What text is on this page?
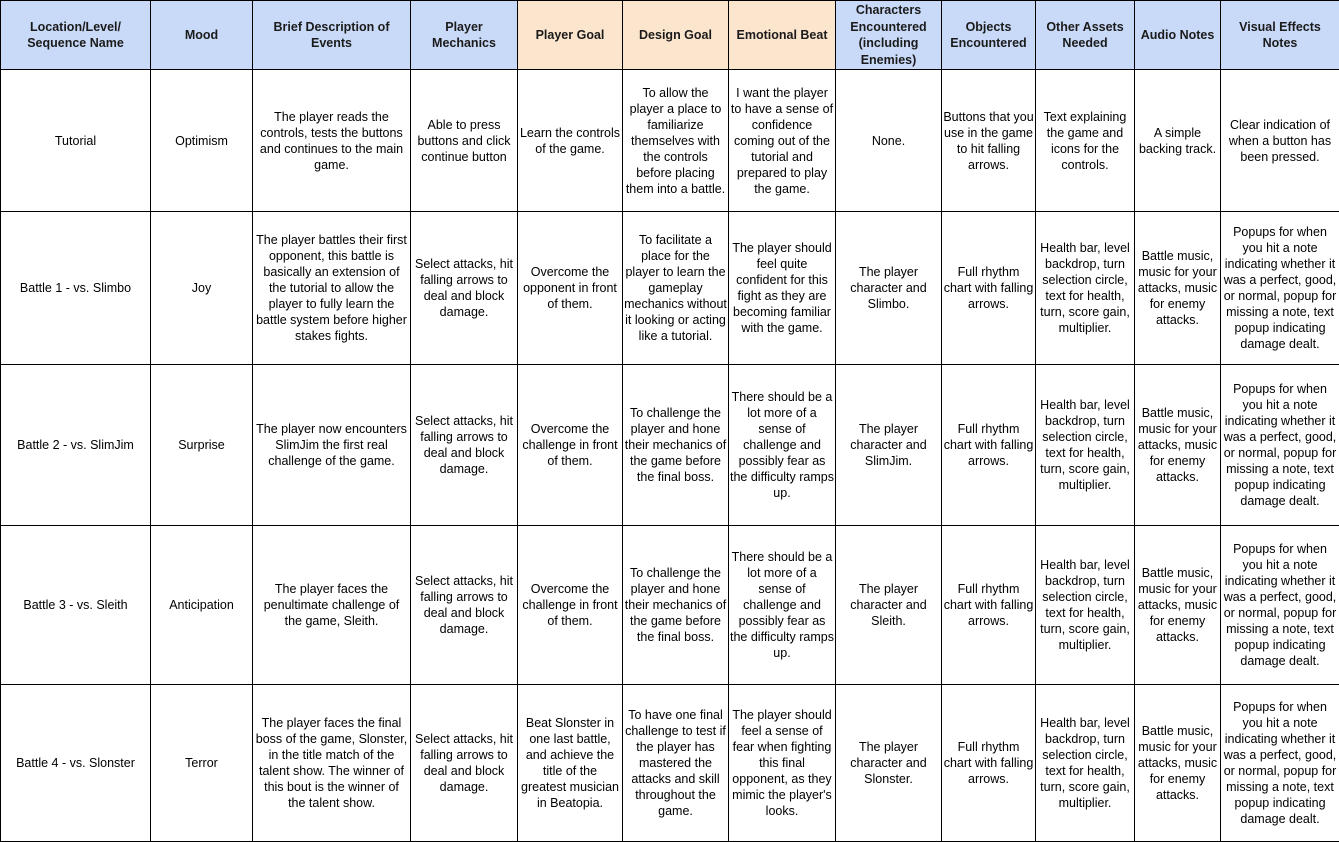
Location/Level/ Sequence Name	Mood	Brief Description of Events	Player Mechanics	Player Goal	Design Goal	Emotional Beat	Characters Encountered (including Enemies)	Objects Encountered	Other Assets Needed	Audio Notes	Visual Effects Notes
Tutorial	Optimism	The player reads the controls, tests the buttons and continues to the main game.	Able to press buttons and click continue button	Learn the controls of the game.	To allow the player a place to familiarize themselves with the controls before placing them into a battle.	I want the player to have a sense of confidence coming out of the tutorial and prepared to play the game.	None.	Buttons that you use in the game to hit falling arrows.	Text explaining the game and icons for the controls.	A simple backing track.	Clear indication of when a button has been pressed.
Battle 1 - vs. Slimbo	Joy	The player battles their first opponent, this battle is basically an extension of the tutorial to allow the player to fully learn the battle system before higher stakes fights.	Select attacks, hit falling arrows to deal and block damage.	Overcome the opponent in front of them.	To facilitate a place for the player to learn the gameplay mechanics without it looking or acting like a tutorial.	The player should feel quite confident for this fight as they are becoming familiar with the game.	The player character and Slimbo.	Full rhythm chart with falling arrows.	Health bar, level backdrop, turn selection circle, text for health, turn, score gain, multiplier.	Battle music, music for your attacks, music for enemy attacks.	Popups for when you hit a note indicating whether it was a perfect, good, or normal, popup for missing a note, text popup indicating damage dealt.
Battle 2 - vs. SlimJim	Surprise	The player now encounters SlimJim the first real challenge of the game.	Select attacks, hit falling arrows to deal and block damage.	Overcome the challenge in front of them.	To challenge the player and hone their mechanics of the game before the final boss.	There should be a lot more of a sense of challenge and possibly fear as the difficulty ramps up.	The player character and SlimJim.	Full rhythm chart with falling arrows.	Health bar, level backdrop, turn selection circle, text for health, turn, score gain, multiplier.	Battle music, music for your attacks, music for enemy attacks.	Popups for when you hit a note indicating whether it was a perfect, good, or normal, popup for missing a note, text popup indicating damage dealt.
Battle 3 - vs. Sleith	Anticipation	The player faces the penultimate challenge of the game, Sleith.	Select attacks, hit falling arrows to deal and block damage.	Overcome the challenge in front of them.	To challenge the player and hone their mechanics of the game before the final boss.	There should be a lot more of a sense of challenge and possibly fear as the difficulty ramps up.	The player character and Sleith.	Full rhythm chart with falling arrows.	Health bar, level backdrop, turn selection circle, text for health, turn, score gain, multiplier.	Battle music, music for your attacks, music for enemy attacks.	Popups for when you hit a note indicating whether it was a perfect, good, or normal, popup for missing a note, text popup indicating damage dealt.
Battle 4 - vs. Slonster	Terror	The player faces the final boss of the game, Slonster, in the title match of the talent show. The winner of this bout is the winner of the talent show.	Select attacks, hit falling arrows to deal and block damage.	Beat Slonster in one last battle, and achieve the title of the greatest musician in Beatopia.	To have one final challenge to test if the player has mastered the attacks and skill throughout the game.	The player should feel a sense of fear when fighting this final opponent, as they mimic the player's looks.	The player character and Slonster.	Full rhythm chart with falling arrows.	Health bar, level backdrop, turn selection circle, text for health, turn, score gain, multiplier.	Battle music, music for your attacks, music for enemy attacks.	Popups for when you hit a note indicating whether it was a perfect, good, or normal, popup for missing a note, text popup indicating damage dealt.
